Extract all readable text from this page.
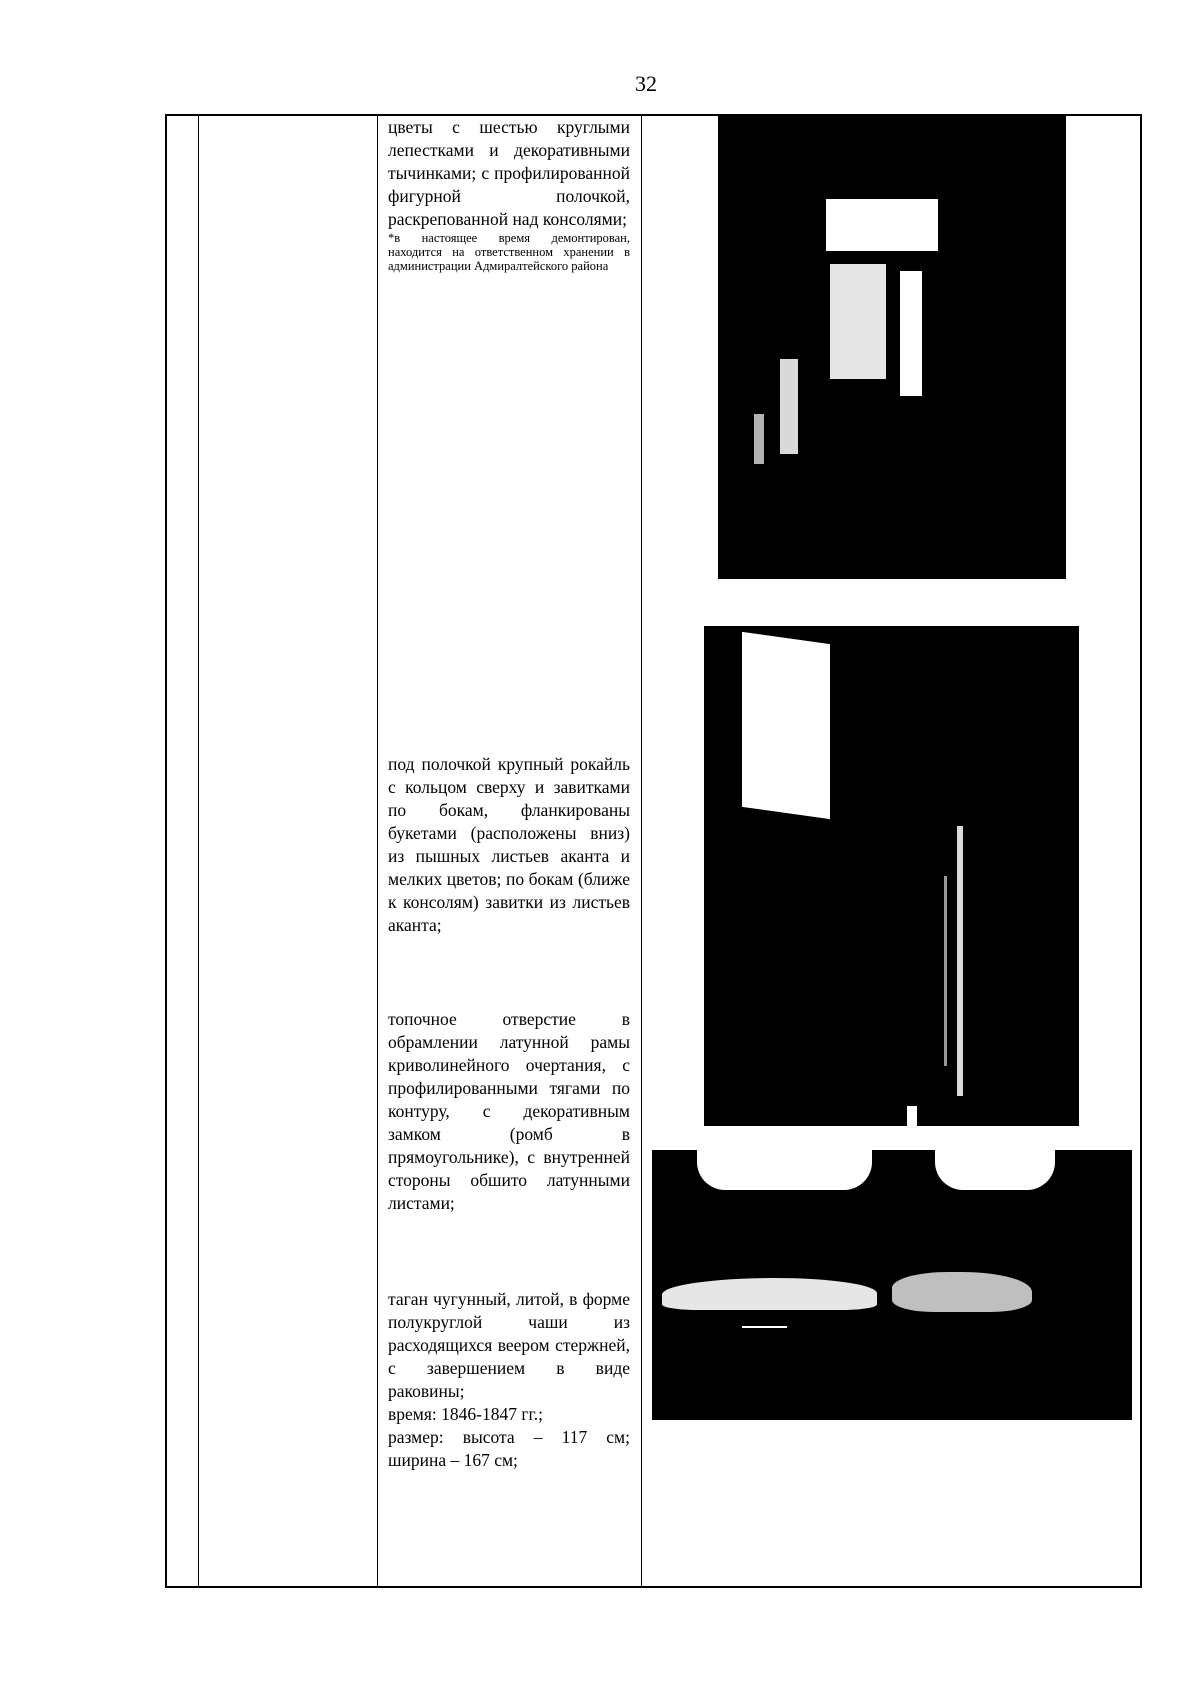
32

цветы с шестью круглыми лепестками и декоративными тычинками; с профилированной фигурной полочкой, раскрепованной над консолями;

*в настоящее время демонтирован, находится на ответственном хранении в администрации Адмиралтейского района

под полочкой крупный рокайль с кольцом сверху и завитками по бокам, фланкированы букетами (расположены вниз) из пышных листьев аканта и мелких цветов; по бокам (ближе к консолям) завитки из листьев аканта;

топочное отверстие в обрамлении латунной рамы криволинейного очертания, с профилированными тягами по контуру, с декоративным замком (ромб в прямоугольнике), с внутренней стороны обшито латунными листами;

таган чугунный, литой, в форме полукруглой чаши из расходящихся веером стержней, с завершением в виде раковины;

время: 1846-1847 гг.;

размер: высота – 117 см; ширина – 167 см;
